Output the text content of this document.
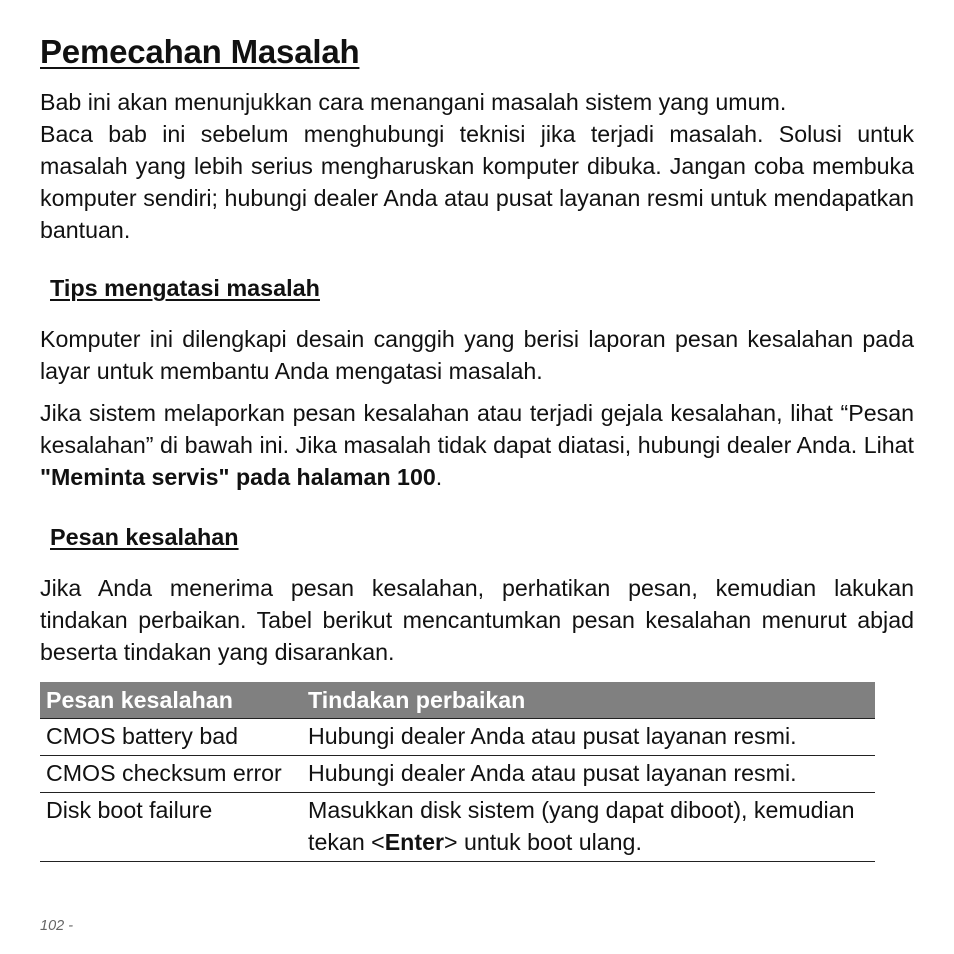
Pemecahan Masalah

Bab ini akan menunjukkan cara menangani masalah sistem yang umum.

Baca bab ini sebelum menghubungi teknisi jika terjadi masalah. Solusi untuk masalah yang lebih serius mengharuskan komputer dibuka. Jangan coba membuka komputer sendiri; hubungi dealer Anda atau pusat layanan resmi untuk mendapatkan bantuan.

Tips mengatasi masalah

Komputer ini dilengkapi desain canggih yang berisi laporan pesan kesalahan pada layar untuk membantu Anda mengatasi masalah.

Jika sistem melaporkan pesan kesalahan atau terjadi gejala kesalahan, lihat “Pesan kesalahan” di bawah ini. Jika masalah tidak dapat diatasi, hubungi dealer Anda. Lihat "Meminta servis" pada halaman 100.

Pesan kesalahan

Jika Anda menerima pesan kesalahan, perhatikan pesan, kemudian lakukan tindakan perbaikan. Tabel berikut mencantumkan pesan kesalahan menurut abjad beserta tindakan yang disarankan.

Pesan kesalahan	Tindakan perbaikan
CMOS battery bad	Hubungi dealer Anda atau pusat layanan resmi.
CMOS checksum error	Hubungi dealer Anda atau pusat layanan resmi.
Disk boot failure	Masukkan disk sistem (yang dapat diboot), kemudian tekan <Enter> untuk boot ulang.
102 -
